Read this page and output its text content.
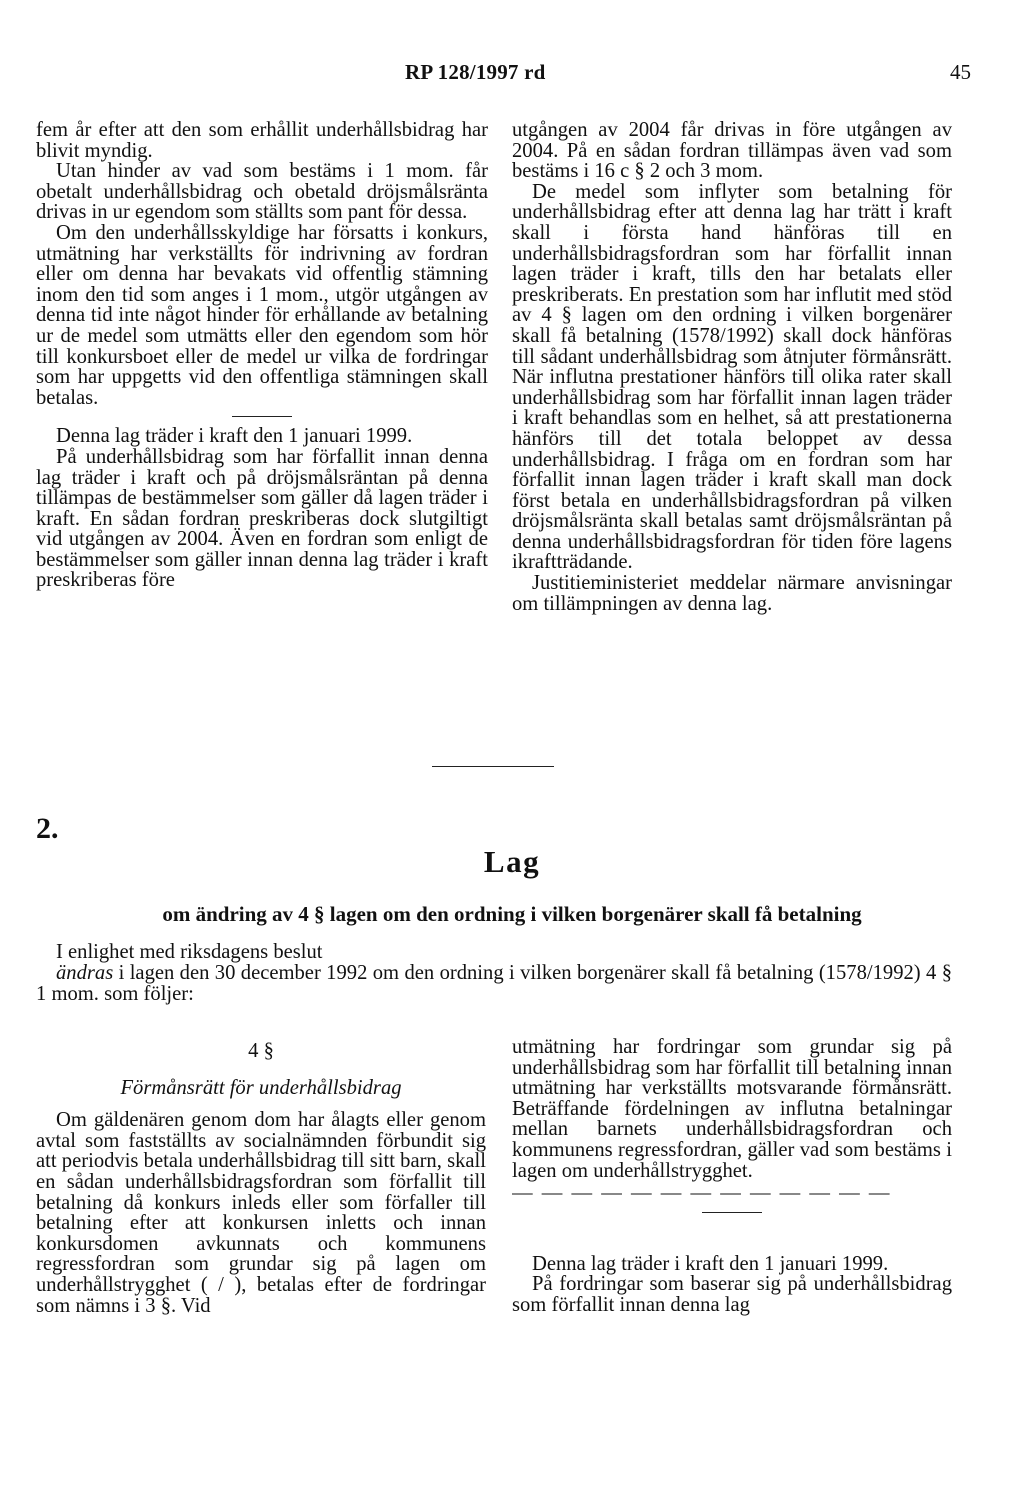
RP 128/1997 rd	45

fem år efter att den som erhållit underhållsbidrag har blivit myndig.

Utan hinder av vad som bestäms i 1 mom. får obetalt underhållsbidrag och obetald dröjsmålsränta drivas in ur egendom som ställts som pant för dessa.

Om den underhållsskyldige har försatts i konkurs, utmätning har verkställts för indrivning av fordran eller om denna har bevakats vid offentlig stämning inom den tid som anges i 1 mom., utgör utgången av denna tid inte något hinder för erhållande av betalning ur de medel som utmätts eller den egendom som hör till konkursboet eller de medel ur vilka de fordringar som har uppgetts vid den offentliga stämningen skall betalas.

Denna lag träder i kraft den 1 januari 1999.

På underhållsbidrag som har förfallit innan denna lag träder i kraft och på dröjsmålsräntan på denna tillämpas de bestämmelser som gäller då lagen träder i kraft. En sådan fordran preskriberas dock slutgiltigt vid utgången av 2004. Även en fordran som enligt de bestämmelser som gäller innan denna lag träder i kraft preskriberas före

utgången av 2004 får drivas in före utgången av 2004. På en sådan fordran tillämpas även vad som bestäms i 16 c § 2 och 3 mom.

De medel som inflyter som betalning för underhållsbidrag efter att denna lag har trätt i kraft skall i första hand hänföras till en underhållsbidragsfordran som har förfallit innan lagen träder i kraft, tills den har betalats eller preskriberats. En prestation som har influtit med stöd av 4 § lagen om den ordning i vilken borgenärer skall få betalning (1578/1992) skall dock hänföras till sådant underhållsbidrag som åtnjuter förmånsrätt. När influtna prestationer hänförs till olika rater skall underhållsbidrag som har förfallit innan lagen träder i kraft behandlas som en helhet, så att prestationerna hänförs till det totala beloppet av dessa underhållsbidrag. I fråga om en fordran som har förfallit innan lagen träder i kraft skall man dock först betala en underhållsbidragsfordran på vilken dröjsmålsränta skall betalas samt dröjsmålsräntan på denna underhållsbidragsfordran för tiden före lagens ikraftträdande.

Justitieministeriet meddelar närmare anvisningar om tillämpningen av denna lag.

2.
Lag
om ändring av 4 § lagen om den ordning i vilken borgenärer skall få betalning

I enlighet med riksdagens beslut

ändras i lagen den 30 december 1992 om den ordning i vilken borgenärer skall få betalning (1578/1992) 4 § 1 mom. som följer:

4 §
Förmånsrätt för underhållsbidrag

Om gäldenären genom dom har ålagts eller genom avtal som fastställts av socialnämnden förbundit sig att periodvis betala underhållsbidrag till sitt barn, skall en sådan underhållsbidragsfordran som förfallit till betalning då konkurs inleds eller som förfaller till betalning efter att konkursen inletts och innan konkursdomen avkunnats och kommunens regressfordran som grundar sig på lagen om underhållstrygghet ( / ), betalas efter de fordringar som nämns i 3 §. Vid

utmätning har fordringar som grundar sig på underhållsbidrag som har förfallit till betalning innan utmätning har verkställts motsvarande förmånsrätt. Beträffande fördelningen av influtna betalningar mellan barnets underhållsbidragsfordran och kommunens regressfordran, gäller vad som bestäms i lagen om underhållstrygghet.

— — — — — — — — — — — — —

Denna lag träder i kraft den 1 januari 1999.

På fordringar som baserar sig på underhållsbidrag som förfallit innan denna lag
